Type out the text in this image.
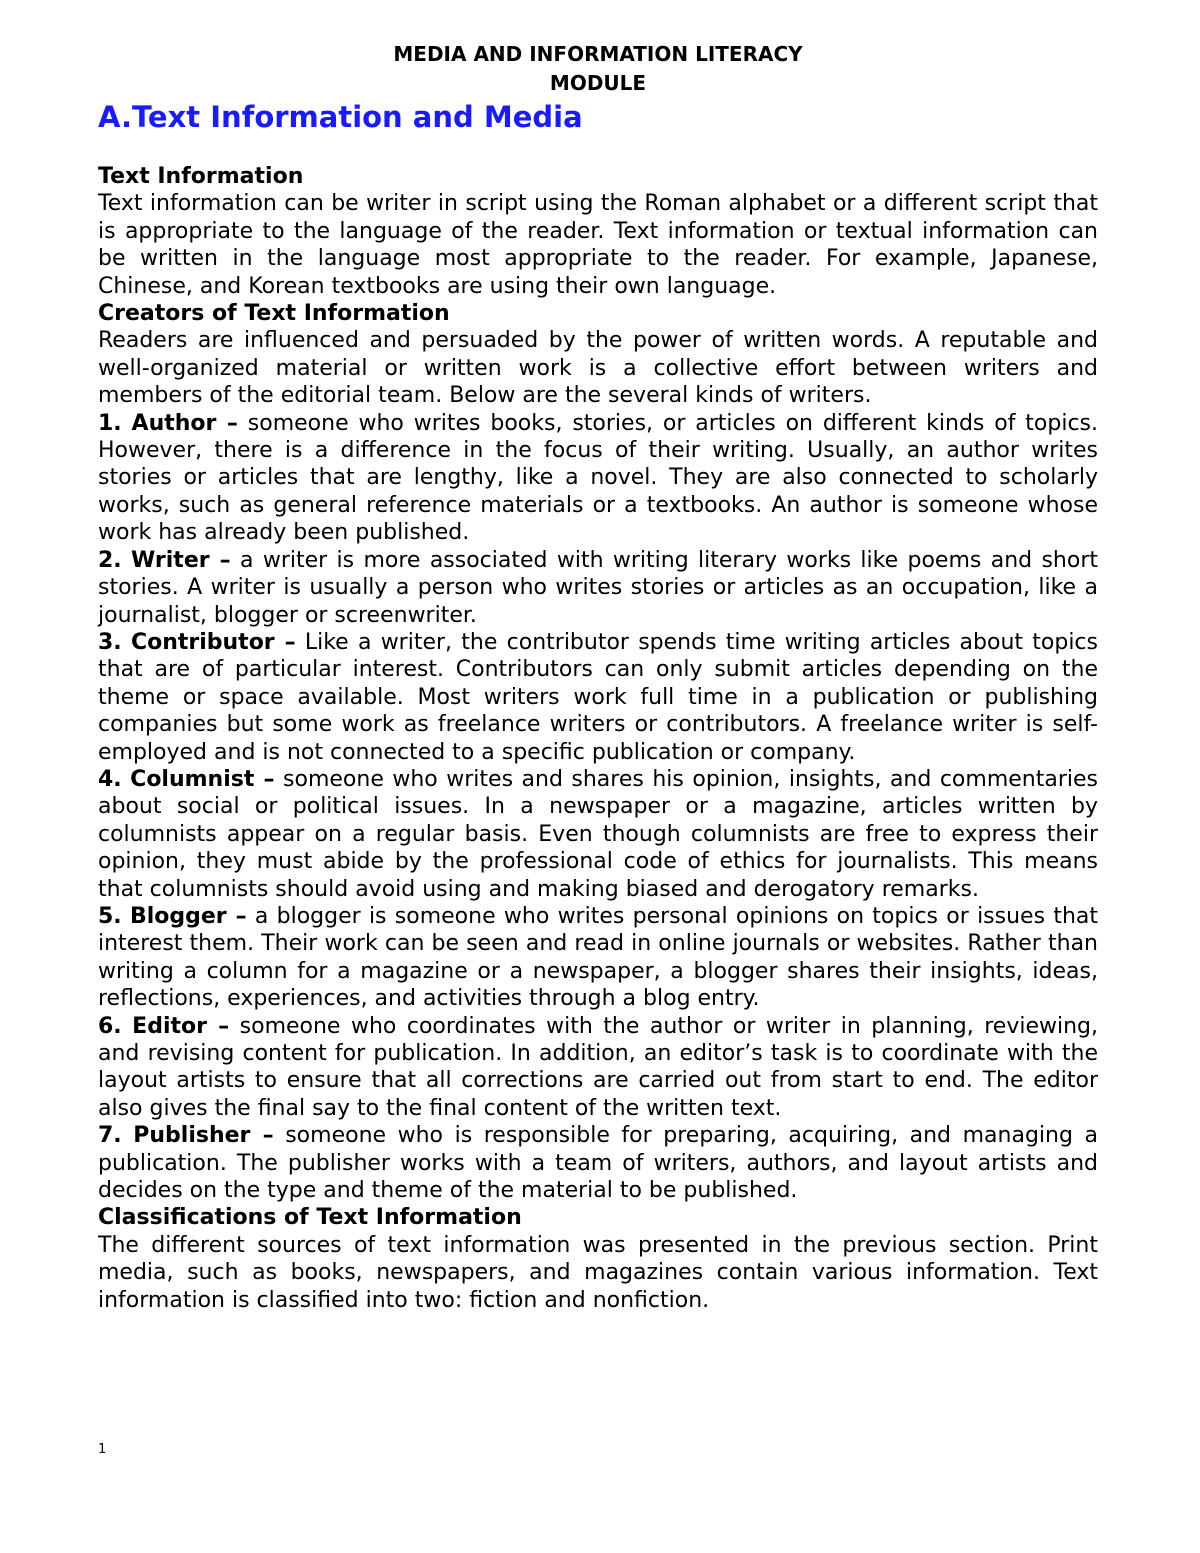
MEDIA AND INFORMATION LITERACY

MODULE

A.Text Information and Media

Text Information

Text information can be writer in script using the Roman alphabet or a different script that is appropriate to the language of the reader. Text information or textual information can be written in the language most appropriate to the reader. For example, Japanese, Chinese, and Korean textbooks are using their own language.

Creators of Text Information

Readers are influenced and persuaded by the power of written words. A reputable and well-organized material or written work is a collective effort between writers and members of the editorial team. Below are the several kinds of writers.

1. Author – someone who writes books, stories, or articles on different kinds of topics. However, there is a difference in the focus of their writing. Usually, an author writes stories or articles that are lengthy, like a novel. They are also connected to scholarly works, such as general reference materials or a textbooks. An author is someone whose work has already been published.

2. Writer – a writer is more associated with writing literary works like poems and short stories. A writer is usually a person who writes stories or articles as an occupation, like a journalist, blogger or screenwriter.

3. Contributor – Like a writer, the contributor spends time writing articles about topics that are of particular interest. Contributors can only submit articles depending on the theme or space available. Most writers work full time in a publication or publishing companies but some work as freelance writers or contributors. A freelance writer is self-employed and is not connected to a specific publication or company.

4. Columnist – someone who writes and shares his opinion, insights, and commentaries about social or political issues. In a newspaper or a magazine, articles written by columnists appear on a regular basis. Even though columnists are free to express their opinion, they must abide by the professional code of ethics for journalists. This means that columnists should avoid using and making biased and derogatory remarks.

5. Blogger – a blogger is someone who writes personal opinions on topics or issues that interest them. Their work can be seen and read in online journals or websites. Rather than writing a column for a magazine or a newspaper, a blogger shares their insights, ideas, reflections, experiences, and activities through a blog entry.

6. Editor – someone who coordinates with the author or writer in planning, reviewing, and revising content for publication. In addition, an editor’s task is to coordinate with the layout artists to ensure that all corrections are carried out from start to end. The editor also gives the final say to the final content of the written text.

7. Publisher – someone who is responsible for preparing, acquiring, and managing a publication. The publisher works with a team of writers, authors, and layout artists and decides on the type and theme of the material to be published.

Classifications of Text Information

The different sources of text information was presented in the previous section. Print media, such as books, newspapers, and magazines contain various information. Text information is classified into two: fiction and nonfiction.

1
